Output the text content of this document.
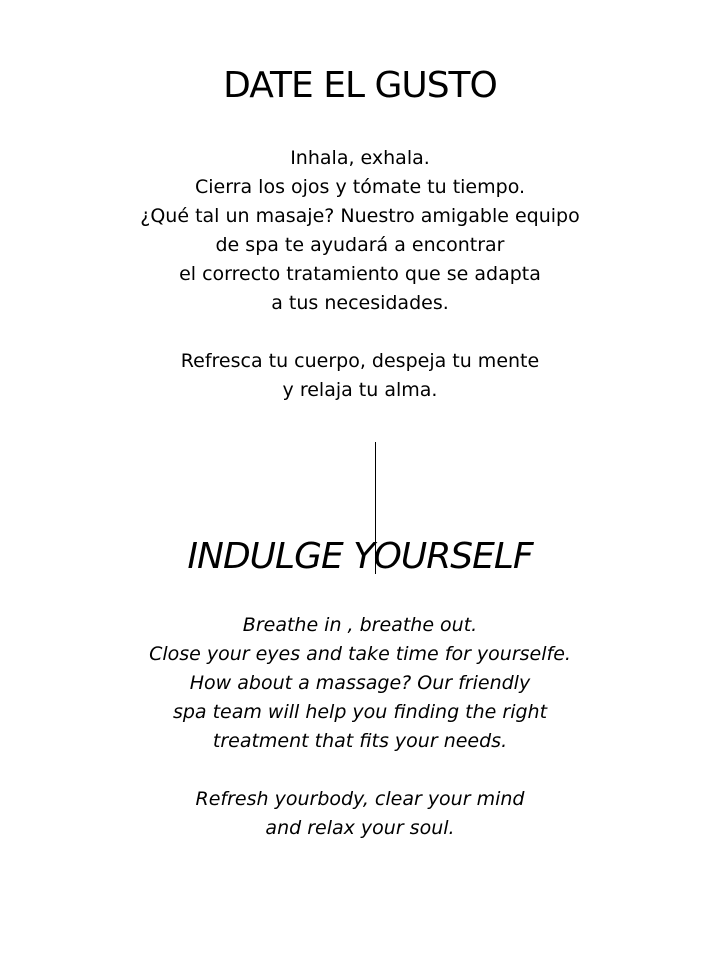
DATE EL GUSTO
Inhala, exhala.
Cierra los ojos y tómate tu tiempo.
¿Qué tal un masaje? Nuestro amigable equipo
de spa te ayudará a encontrar
el correcto tratamiento que se adapta
a tus necesidades.
Refresca tu cuerpo, despeja tu mente
y relaja tu alma.
INDULGE YOURSELF
Breathe in , breathe out.
Close your eyes and take time for yourselfe.
How about a massage? Our friendly
spa team will help you finding the right
treatment that fits your needs.
Refresh yourbody, clear your mind
and relax your soul.
